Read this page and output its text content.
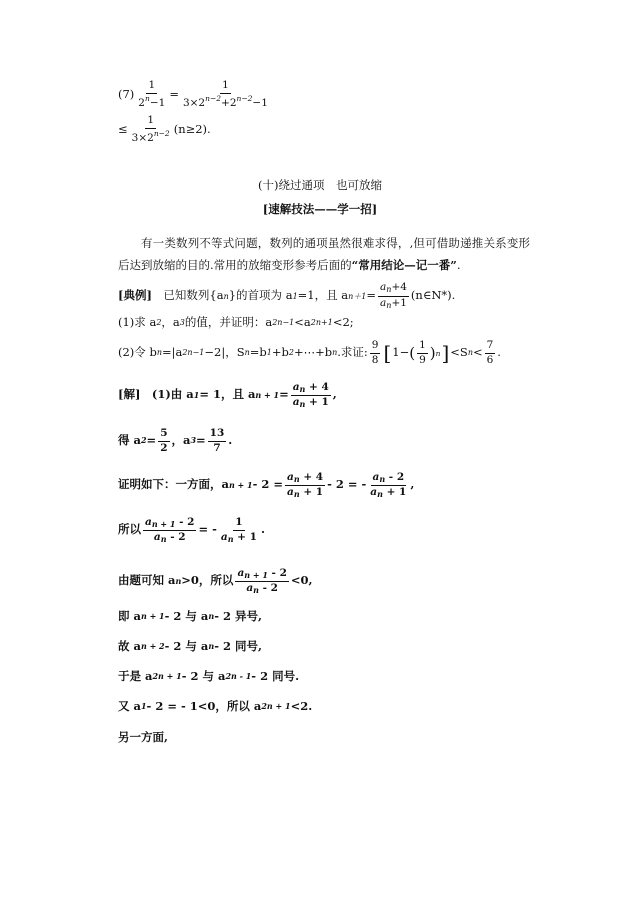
$(7) \frac{1}{2^n-1} = \frac{1}{3\times 2^{n-2}+2^{n-2}-1}$
≤ $\frac{1}{3\times 2^{n-2}} (n\ge 2)$.
(十)绕过通项　也可放缩
[速解技法——学一招]
有一类数列不等式问题，数列的通项虽然很难求得，,但可借助递推关系变形后达到放缩的目的.常用的放缩变形参考后面的“常用结论—记一番”.
[典例] 　已知数列{a n }的首项为 a 1 =1，且 a $n+1 = \frac{a_n+4}{a_n+1}$ (n∈N*).
(1)求 a 2 ，a 3 的值，并证明：a 2n−1 <a 2n+1 <2;
(2)令 b n =|a 2n−1 −2|，S n =b 1 +b 2 +⋯+b n .求证: $\frac{9}{8}$ [ 1− ( $\frac{1}{9}$ ) n ] <S $n < \frac{7}{6}$ .
[解]　(1)由 a 1 = 1，且 a $n + 1 = \frac{a_n + 4}{a_n + 1}$ ,
得 a $2 = \frac{5}{2}$ ，a $3 = \frac{13}{7}$ .
证明如下：一方面，a $n + 1 - 2 = \frac{a_n + 4}{a_n + 1} - 2$ = - $\frac{a_n - 2}{a_n + 1}$ ,
所以 $\frac{a_{n + 1} - 2}{a_n - 2}$ = - $\frac{1}{a_n + 1}$ .
由题可知 a n >0，所以 $\frac{a_{n + 1} - 2}{a_n - 2} <0$,
即 a n + 1 - 2 与 a n - 2 异号,
故 a n + 2 - 2 与 a n - 2 同号,
于是 a 2n + 1 - 2 与 a 2n - 1 - 2 同号.
又 a 1 - 2 = - 1<0，所以 a 2n + 1 <2.
另一方面,
